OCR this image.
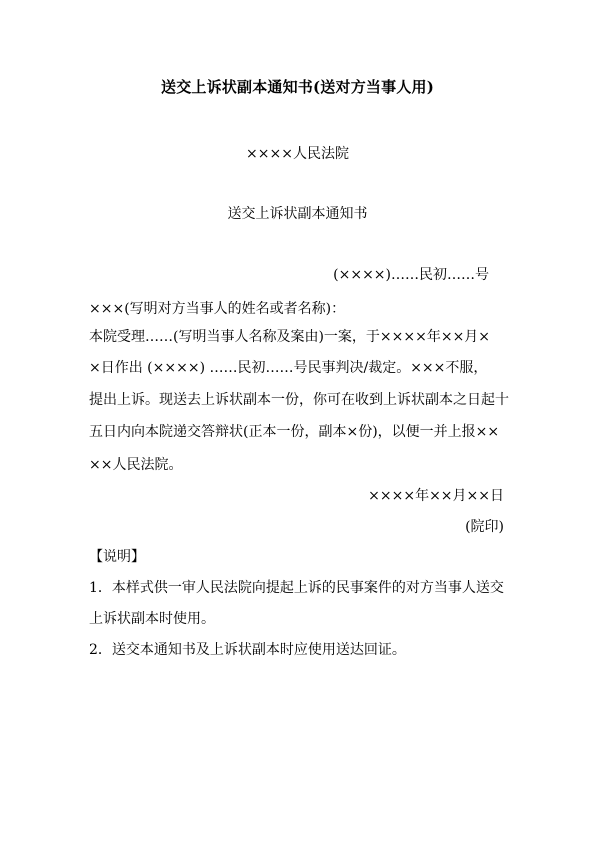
送交上诉状副本通知书(送对方当事人用)
××××人民法院
送交上诉状副本通知书
(××××)……民初……号
×××(写明对方当事人的姓名或者名称)：
本院受理……(写明当事人名称及案由)一案，于××××年××月×
×日作出 (××××) ……民初……号民事判决/裁定。×××不服，
提出上诉。现送去上诉状副本一份，你可在收到上诉状副本之日起十
五日内向本院递交答辩状(正本一份，副本×份)，以便一并上报××
××人民法院。
××××年××月××日
(院印)
【说明】
1．本样式供一审人民法院向提起上诉的民事案件的对方当事人送交
上诉状副本时使用。
2．送交本通知书及上诉状副本时应使用送达回证。
